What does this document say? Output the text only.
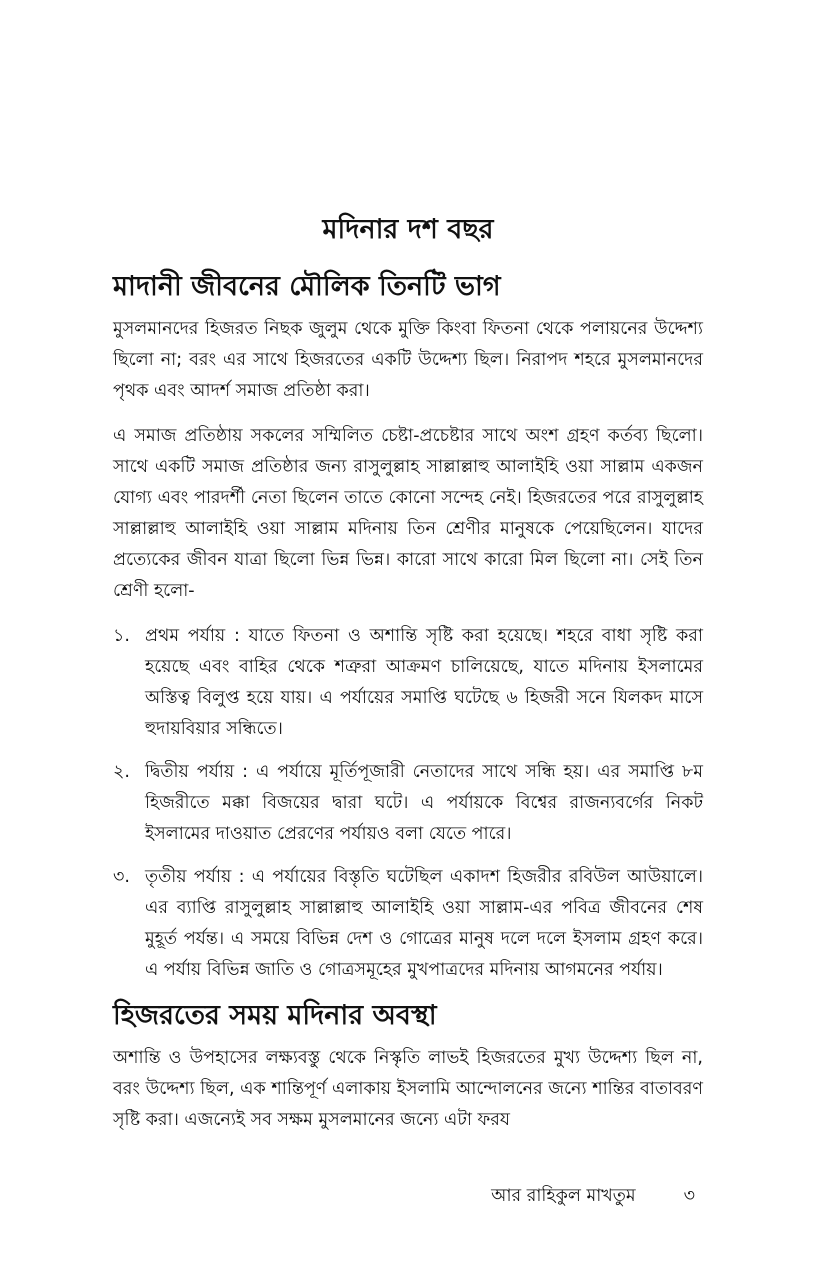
মদিনার দশ বছর
মাদানী জীবনের মৌলিক তিনটি ভাগ

মুসলমানদের হিজরত নিছক জুলুম থেকে মুক্তি কিংবা ফিতনা থেকে পলায়নের উদ্দেশ্য ছিলো না; বরং এর সাথে হিজরতের একটি উদ্দেশ্য ছিল। নিরাপদ শহরে মুসলমানদের পৃথক এবং আদর্শ সমাজ প্রতিষ্ঠা করা।

এ সমাজ প্রতিষ্ঠায় সকলের সম্মিলিত চেষ্টা-প্রচেষ্টার সাথে অংশ গ্রহণ কর্তব্য ছিলো। সাথে একটি সমাজ প্রতিষ্ঠার জন্য রাসুলুল্লাহ সাল্লাল্লাহু আলাইহি ওয়া সাল্লাম একজন যোগ্য এবং পারদর্শী নেতা ছিলেন তাতে কোনো সন্দেহ নেই। হিজরতের পরে রাসুলুল্লাহ সাল্লাল্লাহু আলাইহি ওয়া সাল্লাম মদিনায় তিন শ্রেণীর মানুষকে পেয়েছিলেন। যাদের প্রত্যেকের জীবন যাত্রা ছিলো ভিন্ন ভিন্ন। কারো সাথে কারো মিল ছিলো না। সেই তিন শ্রেণী হলো-

১. প্রথম পর্যায় : যাতে ফিতনা ও অশান্তি সৃষ্টি করা হয়েছে। শহরে বাধা সৃষ্টি করা হয়েছে এবং বাহির থেকে শত্রুরা আক্রমণ চালিয়েছে, যাতে মদিনায় ইসলামের অস্তিত্ব বিলুপ্ত হয়ে যায়। এ পর্যায়ের সমাপ্তি ঘটেছে ৬ হিজরী সনে যিলকদ মাসে হুদায়বিয়ার সন্ধিতে।
২. দ্বিতীয় পর্যায় : এ পর্যায়ে মূর্তিপূজারী নেতাদের সাথে সন্ধি হয়। এর সমাপ্তি ৮ম হিজরীতে মক্কা বিজয়ের দ্বারা ঘটে। এ পর্যায়কে বিশ্বের রাজন্যবর্গের নিকট ইসলামের দাওয়াত প্রেরণের পর্যায়ও বলা যেতে পারে।
৩. তৃতীয় পর্যায় : এ পর্যায়ের বিস্তৃতি ঘটেছিল একাদশ হিজরীর রবিউল আউয়ালে। এর ব্যাপ্তি রাসুলুল্লাহ সাল্লাল্লাহু আলাইহি ওয়া সাল্লাম-এর পবিত্র জীবনের শেষ মুহূর্ত পর্যন্ত। এ সময়ে বিভিন্ন দেশ ও গোত্রের মানুষ দলে দলে ইসলাম গ্রহণ করে। এ পর্যায় বিভিন্ন জাতি ও গোত্রসমূহের মুখপাত্রদের মদিনায় আগমনের পর্যায়।
হিজরতের সময় মদিনার অবস্থা

অশান্তি ও উপহাসের লক্ষ্যবস্তু থেকে নিস্কৃতি লাভই হিজরতের মুখ্য উদ্দেশ্য ছিল না, বরং উদ্দেশ্য ছিল, এক শান্তিপূর্ণ এলাকায় ইসলামি আন্দোলনের জন্যে শান্তির বাতাবরণ সৃষ্টি করা। এজন্যেই সব সক্ষম মুসলমানের জন্যে এটা ফরয

আর রাহিকুল মাখতুম	৩
